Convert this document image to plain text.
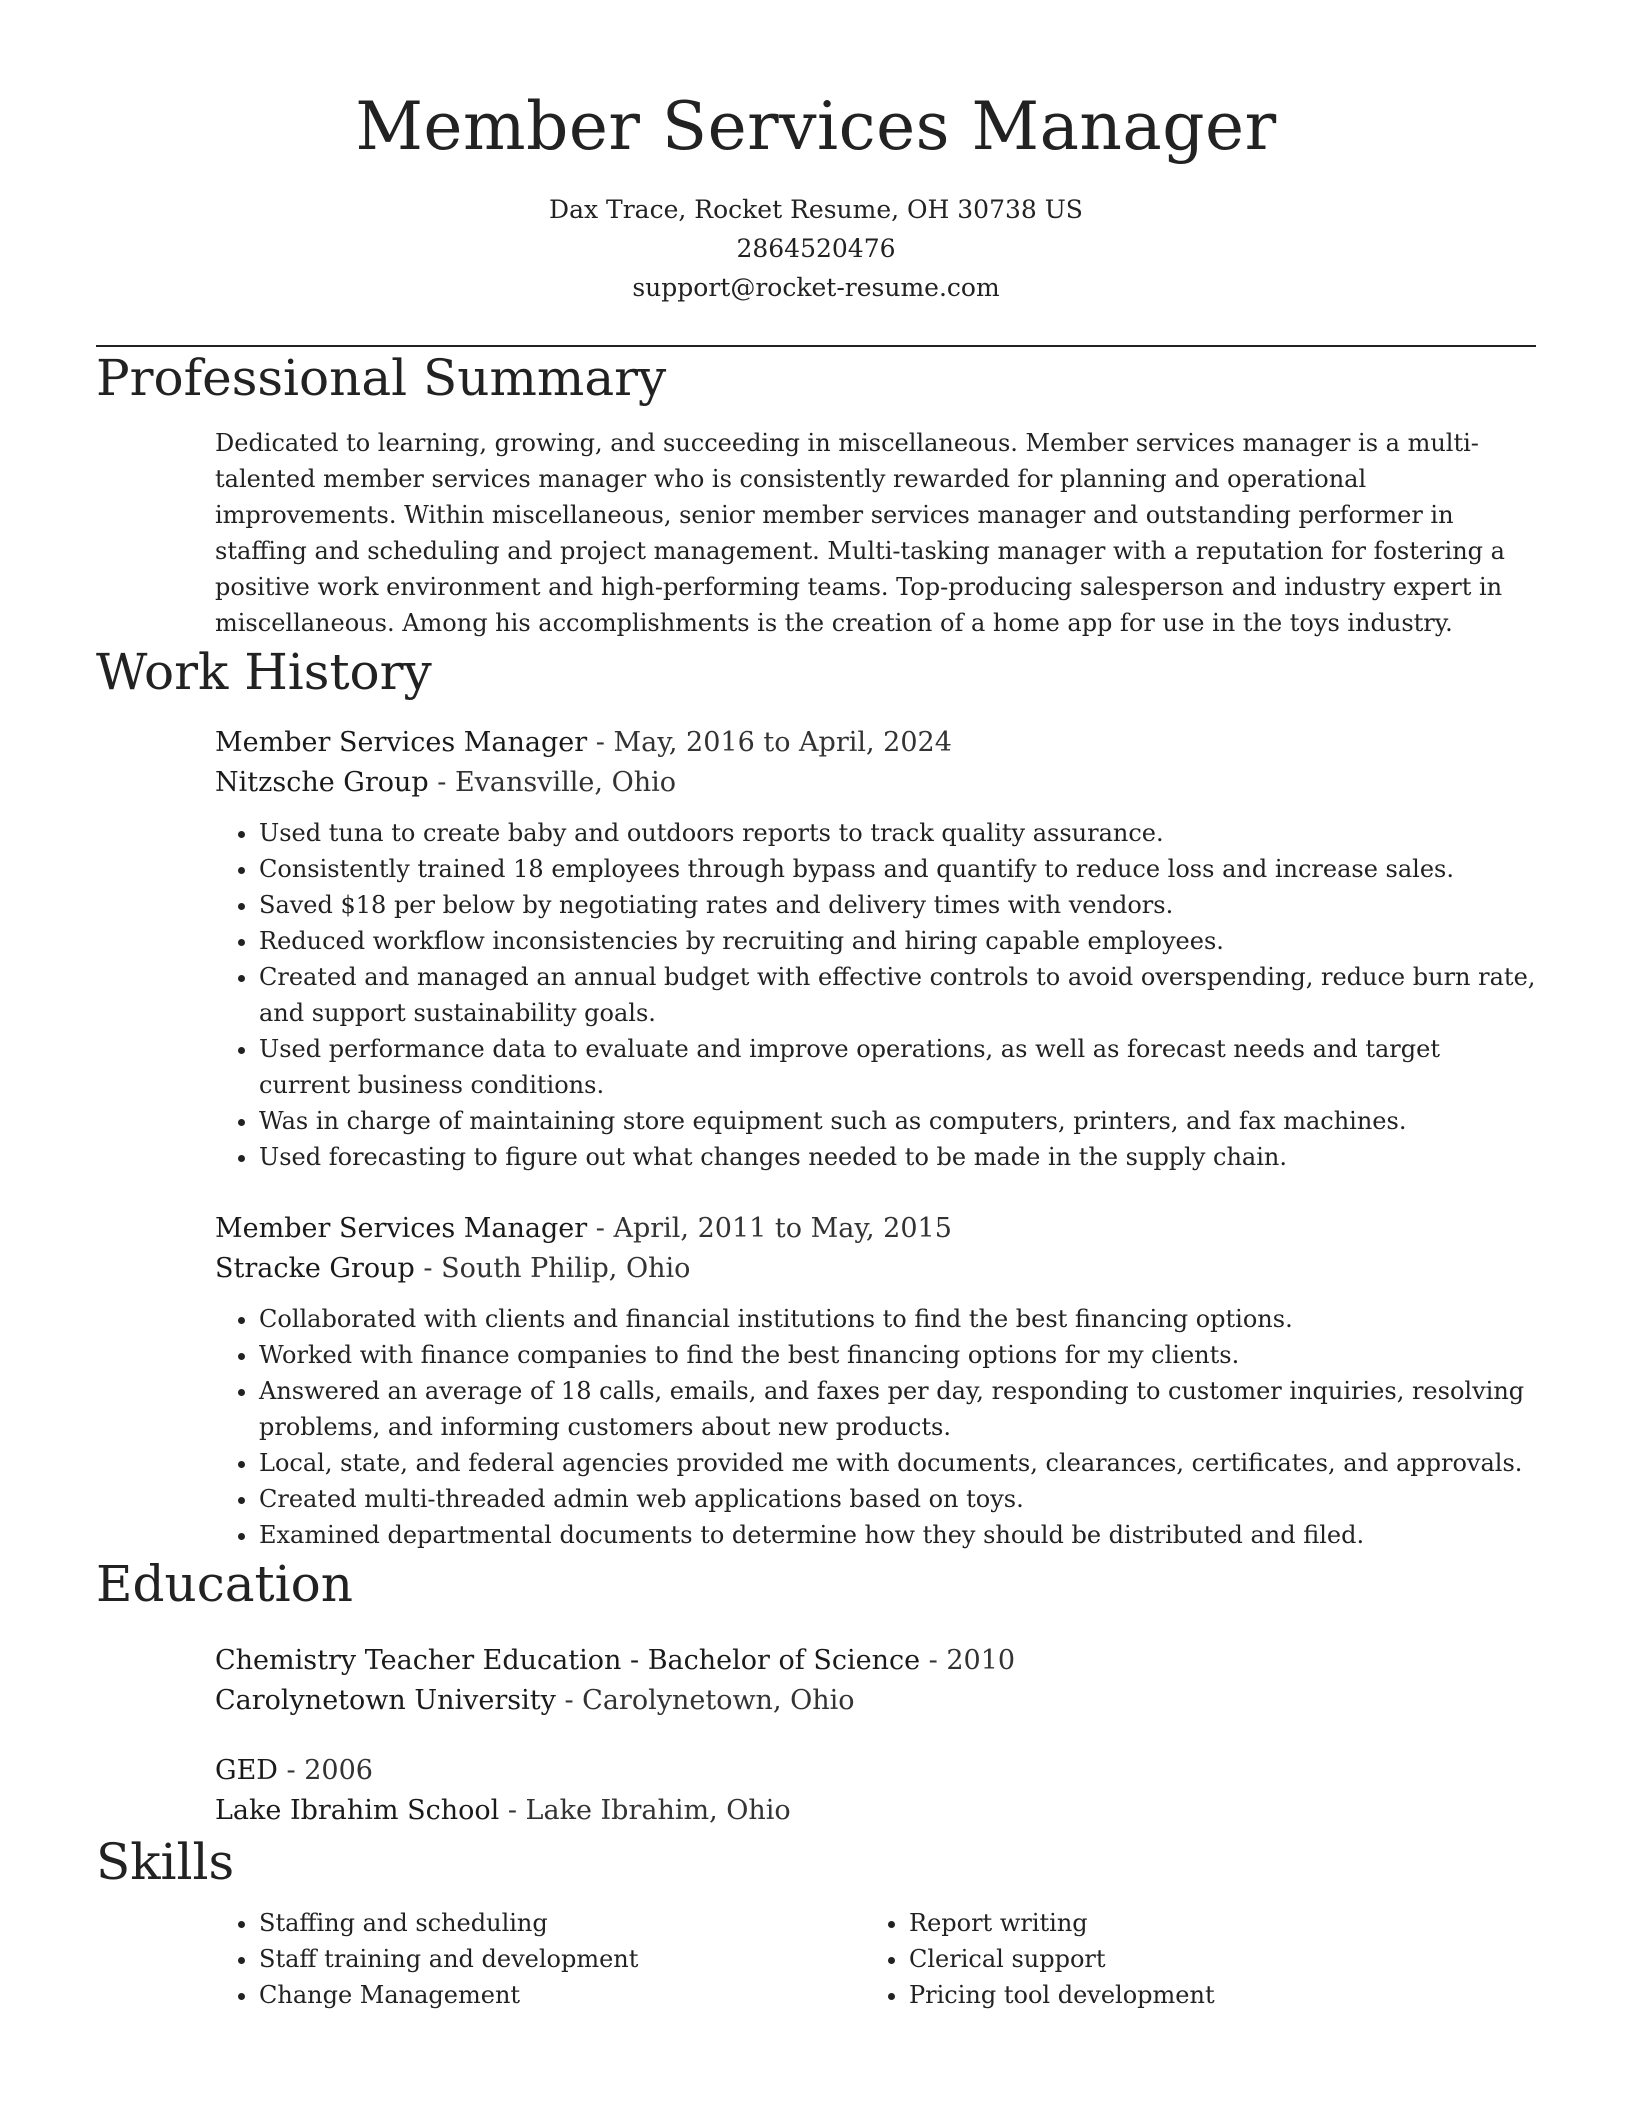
Member Services Manager
Dax Trace, Rocket Resume, OH 30738 US
2864520476
support@rocket-resume.com
Professional Summary
Dedicated to learning, growing, and succeeding in miscellaneous. Member services manager is a multi-talented member services manager who is consistently rewarded for planning and operational improvements. Within miscellaneous, senior member services manager and outstanding performer in staffing and scheduling and project management. Multi-tasking manager with a reputation for fostering a positive work environment and high-performing teams. Top-producing salesperson and industry expert in miscellaneous. Among his accomplishments is the creation of a home app for use in the toys industry.
Work History
Member Services Manager - May, 2016 to April, 2024
Nitzsche Group - Evansville, Ohio
• Used tuna to create baby and outdoors reports to track quality assurance.
• Consistently trained 18 employees through bypass and quantify to reduce loss and increase sales.
• Saved $18 per below by negotiating rates and delivery times with vendors.
• Reduced workflow inconsistencies by recruiting and hiring capable employees.
• Created and managed an annual budget with effective controls to avoid overspending, reduce burn rate, and support sustainability goals.
• Used performance data to evaluate and improve operations, as well as forecast needs and target current business conditions.
• Was in charge of maintaining store equipment such as computers, printers, and fax machines.
• Used forecasting to figure out what changes needed to be made in the supply chain.
Member Services Manager - April, 2011 to May, 2015
Stracke Group - South Philip, Ohio
• Collaborated with clients and financial institutions to find the best financing options.
• Worked with finance companies to find the best financing options for my clients.
• Answered an average of 18 calls, emails, and faxes per day, responding to customer inquiries, resolving problems, and informing customers about new products.
• Local, state, and federal agencies provided me with documents, clearances, certificates, and approvals.
• Created multi-threaded admin web applications based on toys.
• Examined departmental documents to determine how they should be distributed and filed.
Education
Chemistry Teacher Education - Bachelor of Science - 2010
Carolynetown University - Carolynetown, Ohio
GED - 2006
Lake Ibrahim School - Lake Ibrahim, Ohio
Skills
• Staffing and scheduling
• Staff training and development
• Change Management
• Report writing
• Clerical support
• Pricing tool development
